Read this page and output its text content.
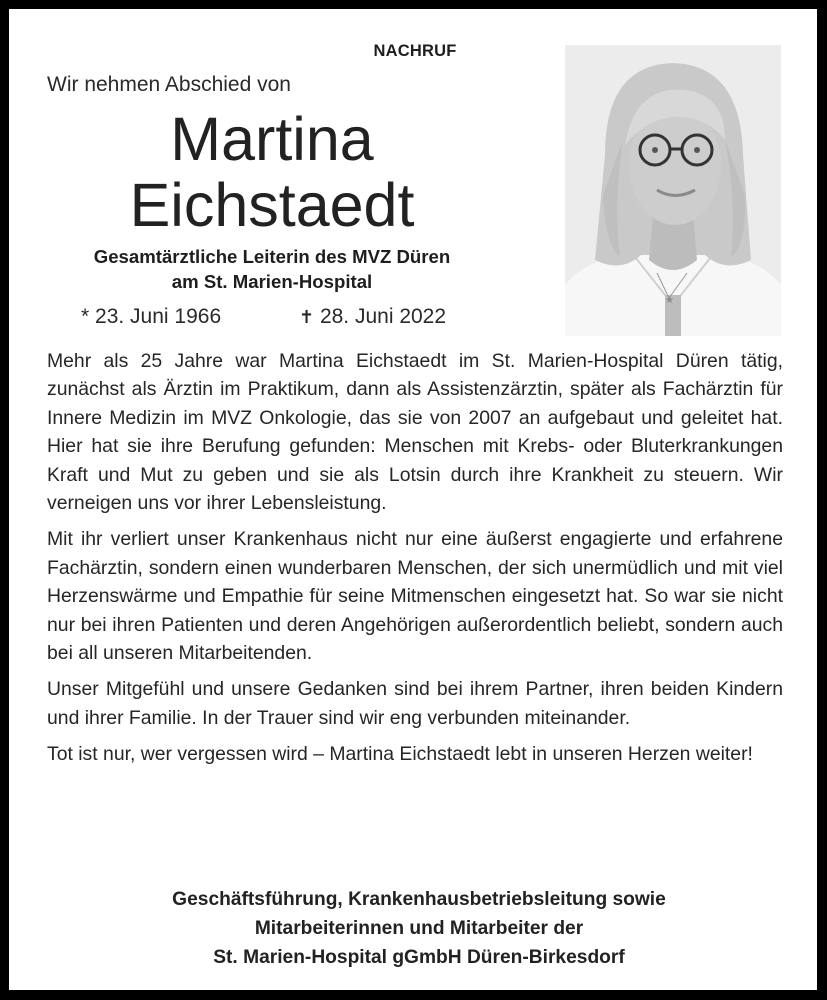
NACHRUF
Wir nehmen Abschied von
Martina
Eichstaedt
Gesamtärztliche Leiterin des MVZ Düren
am St. Marien-Hospital
* 23. Juni 1966	✝ 28. Juni 2022
★

Mehr als 25 Jahre war Martina Eichstaedt im St. Marien-Hospital Düren tätig, zunächst als Ärztin im Praktikum, dann als Assistenzärztin, später als Fachärztin für Innere Medizin im MVZ Onkologie, das sie von 2007 an aufgebaut und geleitet hat. Hier hat sie ihre Berufung gefunden: Menschen mit Krebs- oder Bluterkrankungen Kraft und Mut zu geben und sie als Lotsin durch ihre Krankheit zu steuern. Wir verneigen uns vor ihrer Lebensleistung.

Mit ihr verliert unser Krankenhaus nicht nur eine äußerst engagierte und erfahrene Fachärztin, sondern einen wunderbaren Menschen, der sich unermüdlich und mit viel Herzenswärme und Empathie für seine Mitmenschen eingesetzt hat. So war sie nicht nur bei ihren Patienten und deren Angehörigen außerordentlich beliebt, sondern auch bei all unseren Mitarbeitenden.

Unser Mitgefühl und unsere Gedanken sind bei ihrem Partner, ihren beiden Kindern und ihrer Familie. In der Trauer sind wir eng verbunden miteinander.

Tot ist nur, wer vergessen wird – Martina Eichstaedt lebt in unseren Herzen weiter!

Geschäftsführung, Krankenhausbetriebsleitung sowie
Mitarbeiterinnen und Mitarbeiter der
St. Marien-Hospital gGmbH Düren-Birkesdorf
